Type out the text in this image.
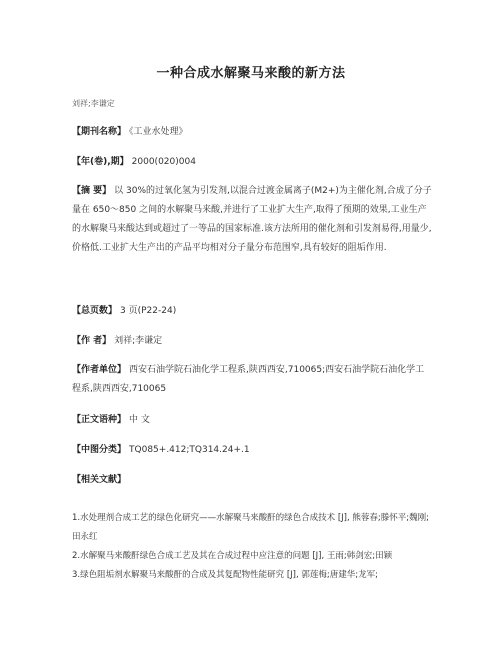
一种合成水解聚马来酸的新方法
刘祥;李谦定
【期刊名称】 《工业水处理》
【年(卷),期】 2000(020)004
【摘 要】 以 30%的过氧化氢为引发剂,以混合过渡金属离子(M2+)为主催化剂,合成了分子量在 650～850 之间的水解聚马来酸,并进行了工业扩大生产,取得了预期的效果,工业生产的水解聚马来酸达到或超过了一等品的国家标准.该方法所用的催化剂和引发剂易得,用量少,价格低.工业扩大生产出的产品平均相对分子量分布范围窄,具有较好的阻垢作用.
【总页数】 3 页(P22-24)
【作 者】 刘祥;李谦定
【作者单位】 西安石油学院石油化学工程系,陕西西安,710065;西安石油学院石油化学工程系,陕西西安,710065
【正文语种】 中 文
【中图分类】 TQ085+.412;TQ314.24+.1
【相关文献】
1.水处理剂合成工艺的绿色化研究——水解聚马来酸酐的绿色合成技术 [J], 熊蓉春;滕怀平;魏刚;田永红
2.水解聚马来酸酐绿色合成工艺及其在合成过程中应注意的问题 [J], 王雨;韩剑宏;田颖
3.绿色阻垢剂水解聚马来酸酐的合成及其复配物性能研究 [J], 郭莲梅;唐建华;龙军;
